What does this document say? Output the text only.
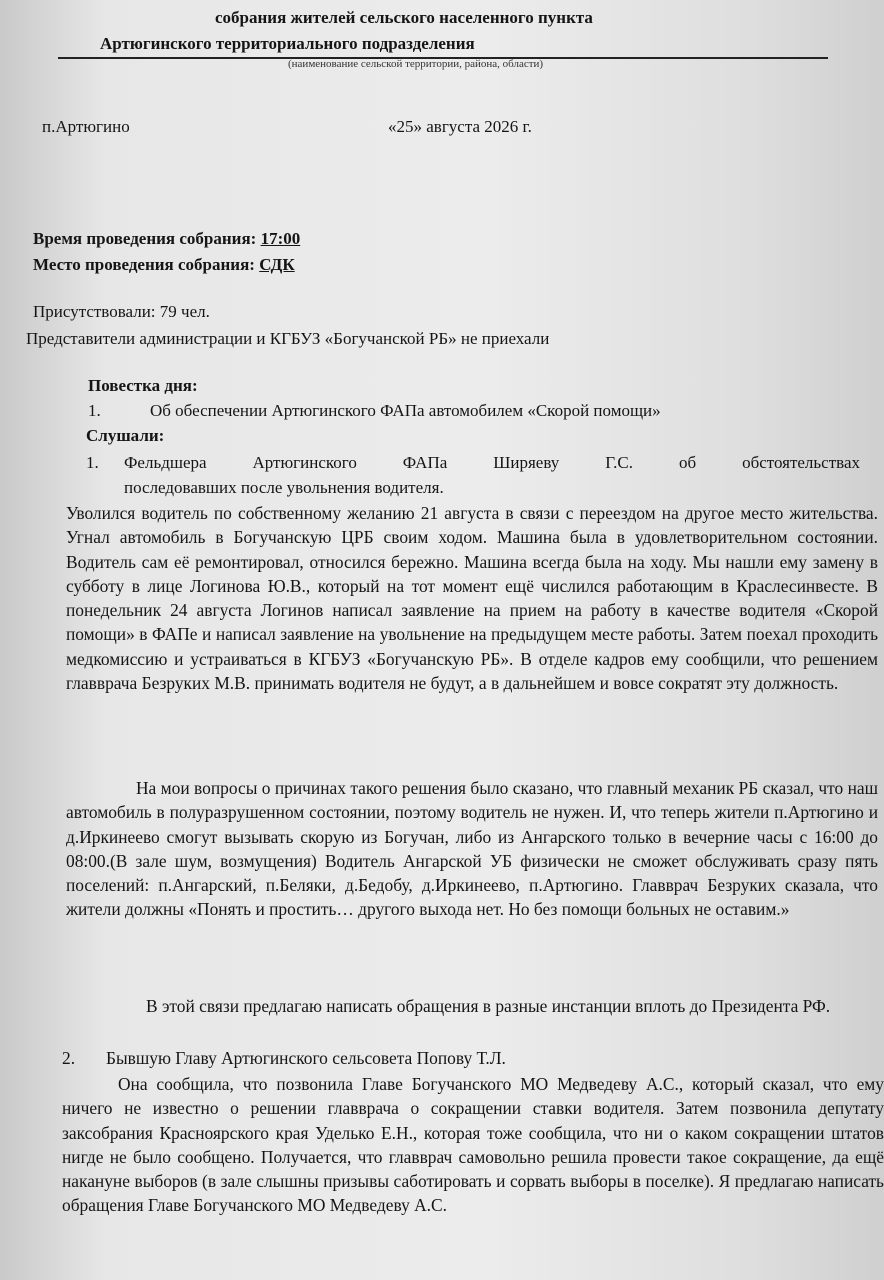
собрания жителей сельского населенного пункта
Артюгинского территориального подразделения
(наименование сельской территории, района, области)
п.Артюгино	«25» августа 2026 г.
Время проведения собрания: 17:00
Место проведения собрания: СДК
Присутствовали: 79 чел.
Представители администрации и КГБУЗ «Богучанской РБ» не приехали
Повестка дня:
1.	Об обеспечении Артюгинского ФАПа автомобилем «Скорой помощи»
Слушали:
1. Фельдшера Артюгинского ФАПа Ширяеву Г.С. об обстоятельствах
последовавших после увольнения водителя.
Уволился водитель по собственному желанию 21 августа в связи с переездом на другое место жительства. Угнал автомобиль в Богучанскую ЦРБ своим ходом. Машина была в удовлетворительном состоянии. Водитель сам её ремонтировал, относился бережно. Машина всегда была на ходу. Мы нашли ему замену в субботу в лице Логинова Ю.В., который на тот момент ещё числился работающим в Краслесинвесте. В понедельник 24 августа Логинов написал заявление на прием на работу в качестве водителя «Скорой помощи» в ФАПе и написал заявление на увольнение на предыдущем месте работы. Затем поехал проходить медкомиссию и устраиваться в КГБУЗ «Богучанскую РБ». В отделе кадров ему сообщили, что решением главврача Безруких М.В. принимать водителя не будут, а в дальнейшем и вовсе сократят эту должность.
На мои вопросы о причинах такого решения было сказано, что главный механик РБ сказал, что наш автомобиль в полуразрушенном состоянии, поэтому водитель не нужен. И, что теперь жители п.Артюгино и д.Иркинеево смогут вызывать скорую из Богучан, либо из Ангарского только в вечерние часы с 16:00 до 08:00.(В зале шум, возмущения) Водитель Ангарской УБ физически не сможет обслуживать сразу пять поселений: п.Ангарский, п.Беляки, д.Бедобу, д.Иркинеево, п.Артюгино. Главврач Безруких сказала, что жители должны «Понять и простить… другого выхода нет. Но без помощи больных не оставим.»
В этой связи предлагаю написать обращения в разные инстанции вплоть до Президента РФ.
2. Бывшую Главу Артюгинского сельсовета Попову Т.Л.
Она сообщила, что позвонила Главе Богучанского МО Медведеву А.С., который сказал, что ему ничего не известно о решении главврача о сокращении ставки водителя. Затем позвонила депутату заксобрания Красноярского края Уделько Е.Н., которая тоже сообщила, что ни о каком сокращении штатов нигде не было сообщено. Получается, что главврач самовольно решила провести такое сокращение, да ещё накануне выборов (в зале слышны призывы саботировать и сорвать выборы в поселке). Я предлагаю написать обращения Главе Богучанского МО Медведеву А.С.
